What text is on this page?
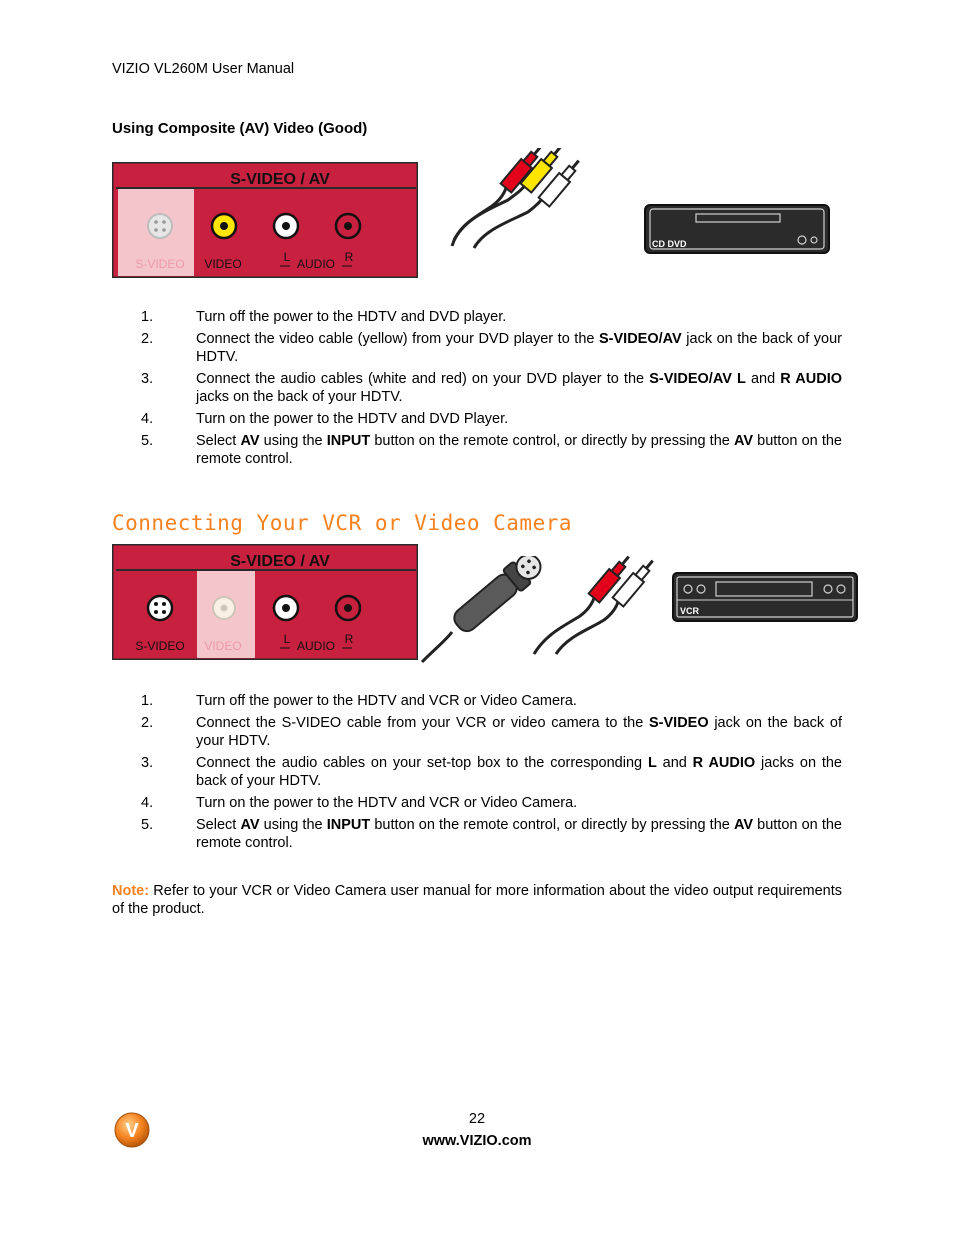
VIZIO VL260M User Manual
Using Composite (AV) Video (Good)
S-VIDEO / AV
S-VIDEO VIDEO	L AUDIO R
CD DVD
1.	Turn off the power to the HDTV and DVD player.
2.	Connect the video cable (yellow) from your DVD player to the S-VIDEO/AV jack on the back of your HDTV.
3.	Connect the audio cables (white and red) on your DVD player to the S-VIDEO/AV L and R AUDIO jacks on the back of your HDTV.
4.	Turn on the power to the HDTV and DVD Player.
5.	Select AV using the INPUT button on the remote control, or directly by pressing the AV button on the remote control.
Connecting Your VCR or Video Camera
S-VIDEO / AV
S-VIDEO VIDEO	L AUDIO R
VCR
1.	Turn off the power to the HDTV and VCR or Video Camera.
2.	Connect the S-VIDEO cable from your VCR or video camera to the S-VIDEO jack on the back of your HDTV.
3.	Connect the audio cables on your set-top box to the corresponding L and R AUDIO jacks on the back of your HDTV.
4.	Turn on the power to the HDTV and VCR or Video Camera.
5.	Select AV using the INPUT button on the remote control, or directly by pressing the AV button on the remote control.
Note: Refer to your VCR or Video Camera user manual for more information about the video output requirements of the product.
V
22
www.VIZIO.com
